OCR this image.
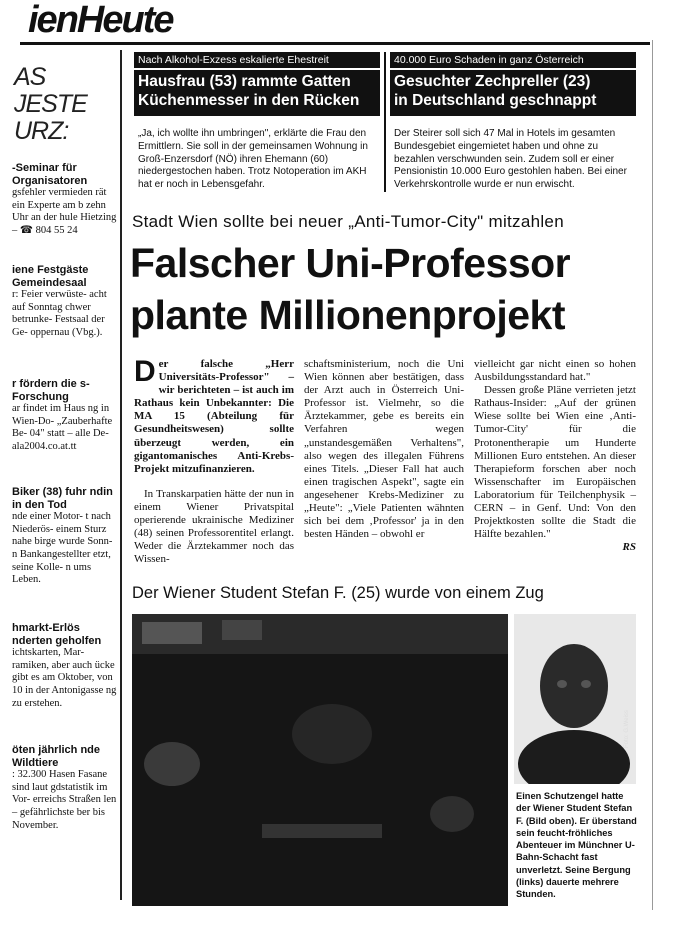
ienHeute
AS
JESTE
URZ:
-Seminar für Organisatoren
gsfehler vermieden rät ein Experte am b zehn Uhr an der hule Hietzing – ☎ 804 55 24
iene Festgäste Gemeindesaal
r: Feier verwüste- acht auf Sonntag chwer betrunke- Festsaal der Ge- oppernau (Vbg.).
r fördern die s-Forschung
ar findet im Haus ng in Wien-Do- „Zauberhafte Be- 04" statt – alle De- ala2004.co.at.tt
Biker (38) fuhr ndin in den Tod
nde einer Motor- t nach Niederös- einem Sturz nahe birge wurde Sonn- n Bankangestellter etzt, seine Kolle- n ums Leben.
hmarkt-Erlös nderten geholfen
ichtskarten, Mar- ramiken, aber auch ücke gibt es am Oktober, von 10 in der Antonigasse ng zu erstehen.
öten jährlich nde Wildtiere
: 32.300 Hasen Fasane sind laut gdstatistik im Vor- erreichs Straßen len – gefährlichste ber bis November.
Nach Alkohol-Exzess eskalierte Ehestreit
Hausfrau (53) rammte Gatten
Küchenmesser in den Rücken
„Ja, ich wollte ihn umbringen", erklärte die Frau den Ermittlern. Sie soll in der gemeinsamen Wohnung in Groß-Enzersdorf (NÖ) ihren Ehemann (60) niedergestochen haben. Trotz Notoperation im AKH hat er noch in Lebensgefahr.
40.000 Euro Schaden in ganz Österreich
Gesuchter Zechpreller (23)
in Deutschland geschnappt
Der Steirer soll sich 47 Mal in Hotels im gesamten Bundesgebiet eingemietet haben und ohne zu bezahlen verschwunden sein. Zudem soll er einer Pensionistin 10.000 Euro gestohlen haben. Bei einer Verkehrskontrolle wurde er nun erwischt.
Stadt Wien sollte bei neuer „Anti-Tumor-City" mitzahlen
Falscher Uni-Professor
plante Millionenprojekt
D er falsche „Herr Universitäts-Professor" – wir berichteten – ist auch im Rathaus kein Unbekannter: Die MA 15 (Abteilung für Gesundheitswesen) sollte überzeugt werden, ein gigantomanisches Anti-Krebs-Projekt mitzufinanzieren.
In Transkarpatien hätte der nun in einem Wiener Privatspital operierende ukrainische Mediziner (48) seinen Professorentitel erlangt. Weder die Ärztekammer noch das Wissen-
schaftsministerium, noch die Uni Wien können aber bestätigen, dass der Arzt auch in Österreich Uni-Professor ist. Vielmehr, so die Ärztekammer, gebe es bereits ein Verfahren wegen „unstandesgemäßen Verhaltens", also wegen des illegalen Führens eines Titels. „Dieser Fall hat auch einen tragischen Aspekt", sagte ein angesehener Krebs-Mediziner zu „Heute": „Viele Patienten wähnten sich bei dem ‚Professor' ja in den besten Händen – obwohl er
vielleicht gar nicht einen so hohen Ausbildungsstandard hat."
Dessen große Pläne verrieten jetzt Rathaus-Insider: „Auf der grünen Wiese sollte bei Wien eine ‚Anti-Tumor-City' für die Protonentherapie um Hunderte Millionen Euro entstehen. An dieser Therapieform forschen aber noch Wissenschafter im Europäischen Laboratorium für Teilchenphysik – CERN – in Genf. Und: Von den Projektkosten sollte die Stadt die Hälfte bezahlen."
RS
Der Wiener Student Stefan F. (25) wurde von einem Zug
Foto: G.Weiss
Einen Schutzengel hatte der Wiener Student Stefan F. (Bild oben). Er überstand sein feucht-fröhliches Abenteuer im Münchner U-Bahn-Schacht fast unverletzt. Seine Bergung (links) dauerte mehrere Stunden.
